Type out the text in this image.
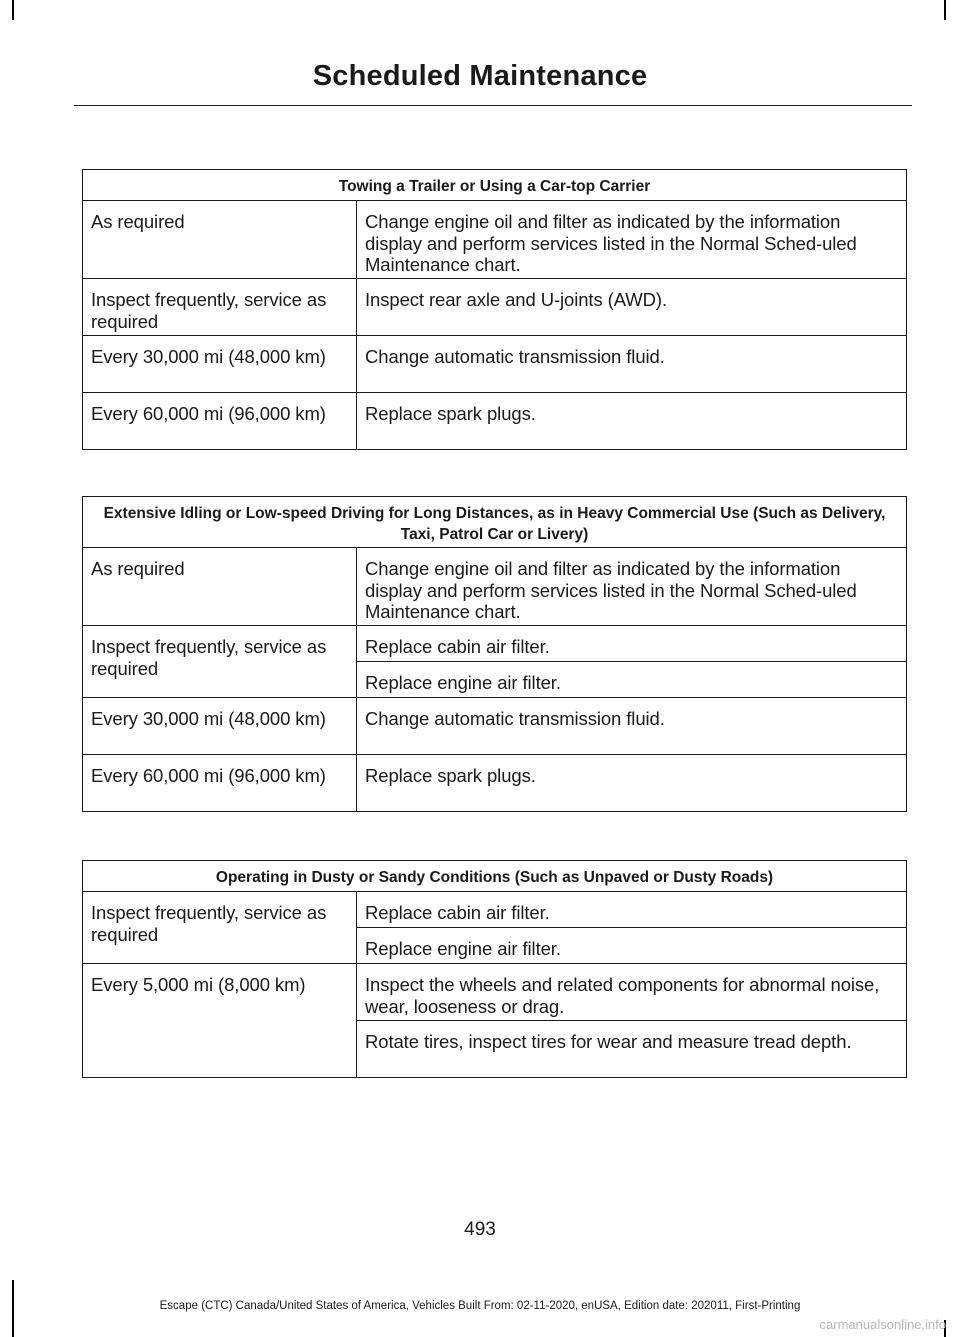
Scheduled Maintenance
Towing a Trailer or Using a Car-top Carrier	
As required	Change engine oil and filter as indicated by the information display and perform services listed in the Normal Sched-uled Maintenance chart.
Inspect frequently, service as required	Inspect rear axle and U-joints (AWD).
Every 30,000 mi (48,000 km)	Change automatic transmission fluid.
Every 60,000 mi (96,000 km)	Replace spark plugs.
Extensive Idling or Low-speed Driving for Long Distances, as in Heavy Commercial Use (Such as Delivery, Taxi, Patrol Car or Livery)	
As required	Change engine oil and filter as indicated by the information display and perform services listed in the Normal Sched-uled Maintenance chart.
Inspect frequently, service as required	Replace cabin air filter.
	Replace engine air filter.
Every 30,000 mi (48,000 km)	Change automatic transmission fluid.
Every 60,000 mi (96,000 km)	Replace spark plugs.
Operating in Dusty or Sandy Conditions (Such as Unpaved or Dusty Roads)	
Inspect frequently, service as required	Replace cabin air filter.
	Replace engine air filter.
Every 5,000 mi (8,000 km)	Inspect the wheels and related components for abnormal noise, wear, looseness or drag.
	Rotate tires, inspect tires for wear and measure tread depth.
493
Escape (CTC) Canada/United States of America, Vehicles Built From: 02-11-2020, enUSA, Edition date: 202011, First-Printing
carmanualsonline.info
